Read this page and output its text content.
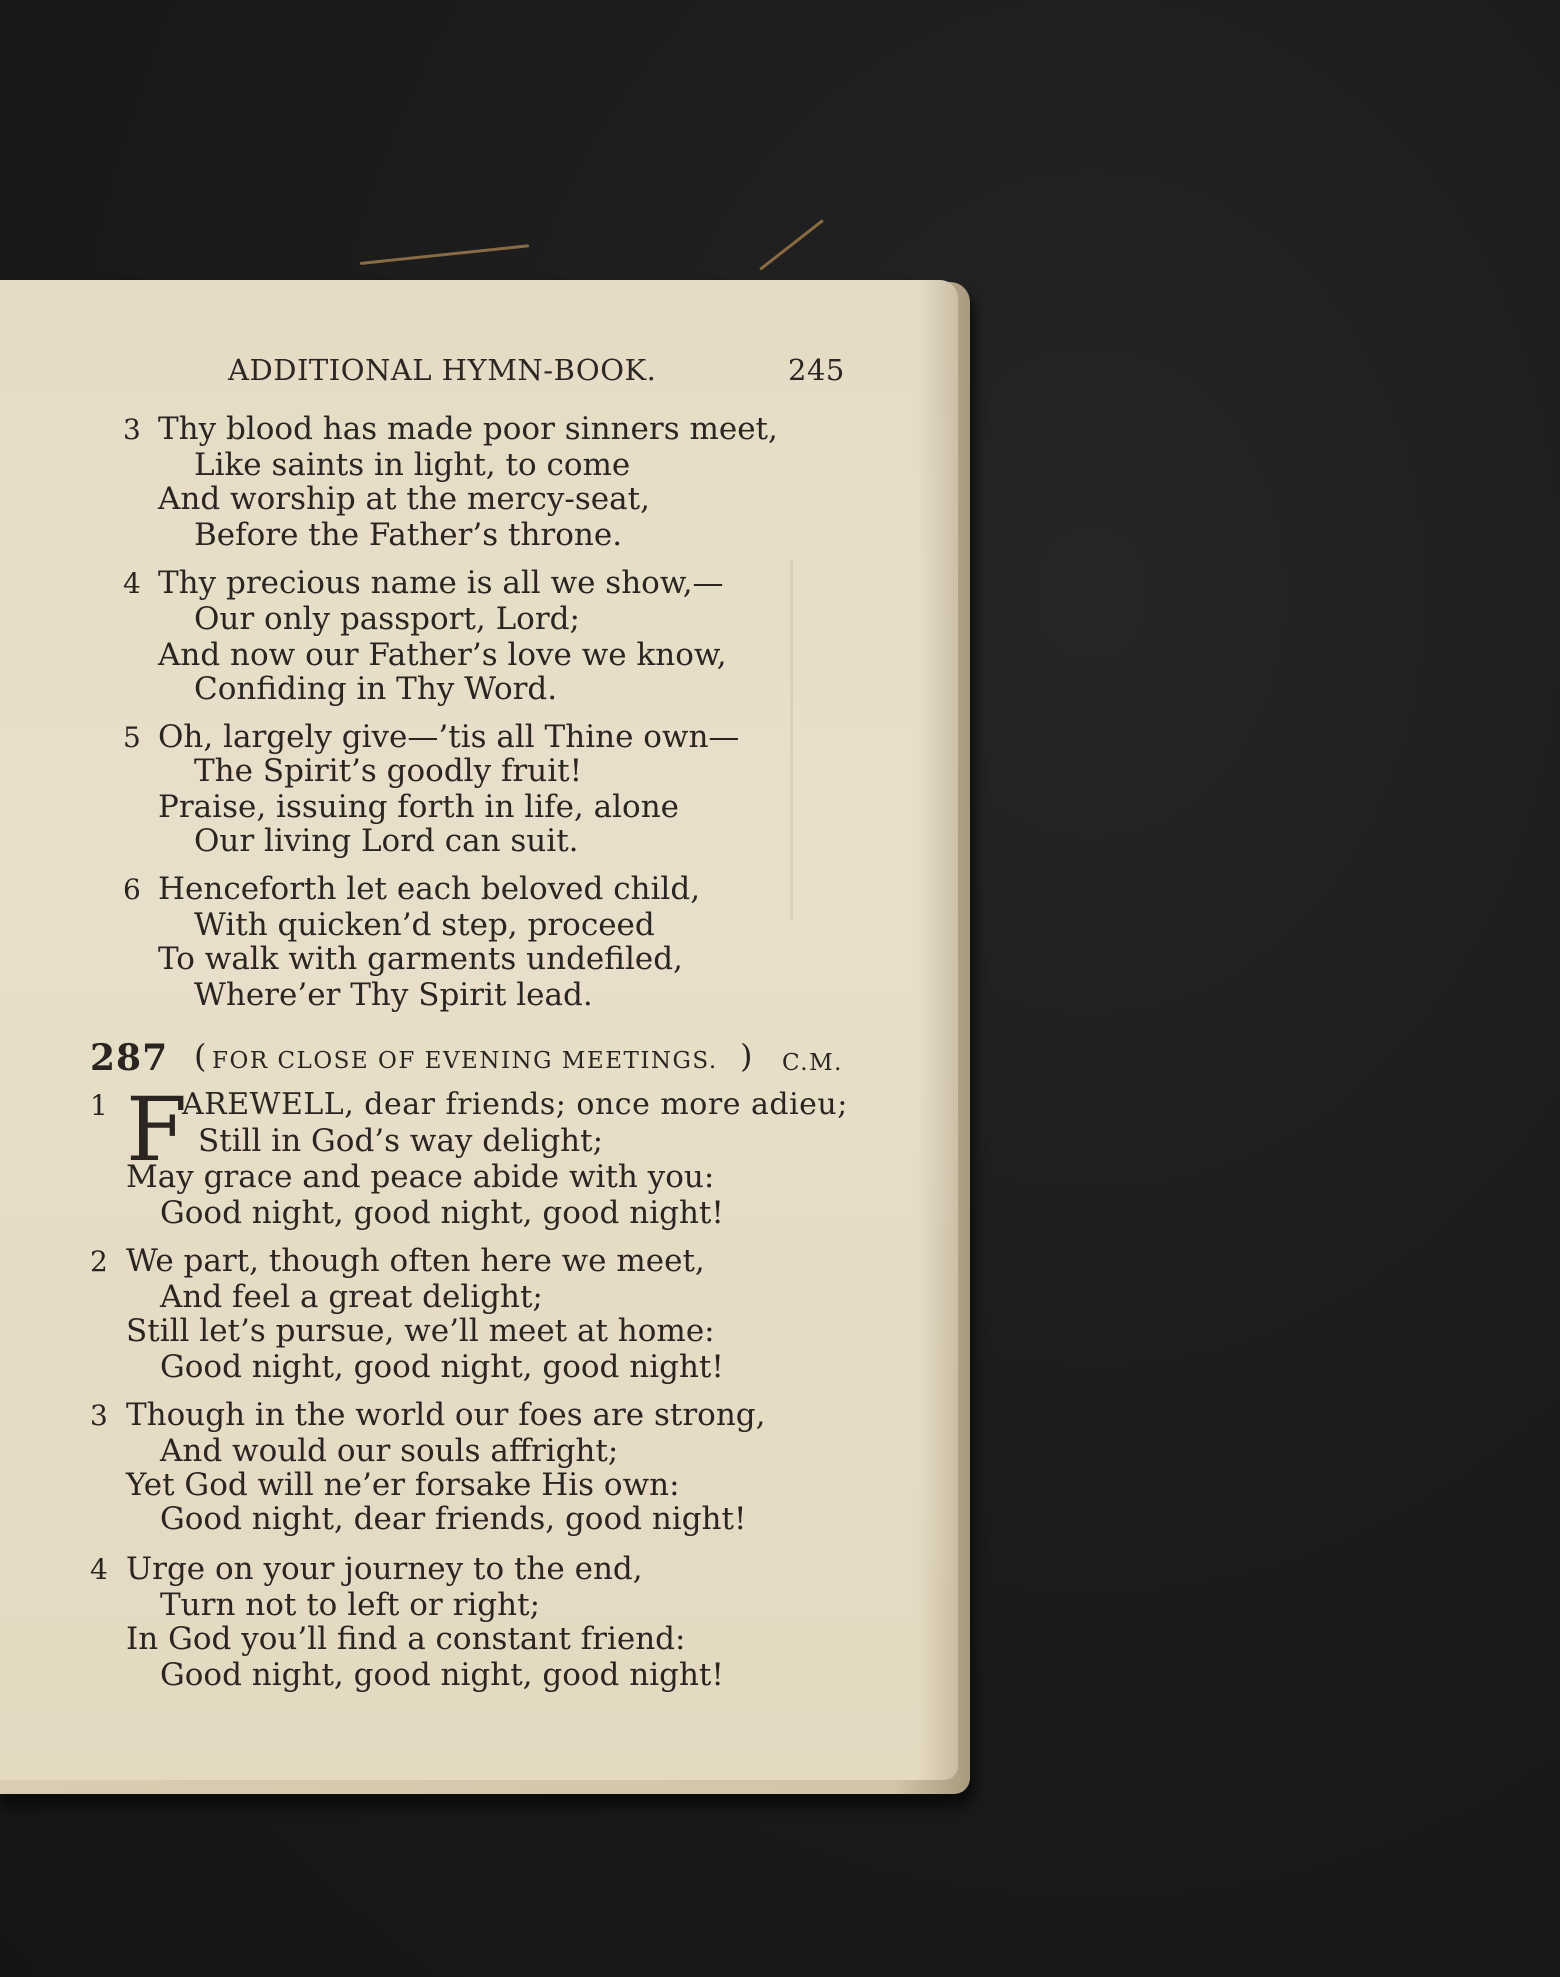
ADDITIONAL HYMN-BOOK.	245
3 Thy blood has made poor sinners meet,
Like saints in light, to come
And worship at the mercy-seat,
Before the Father’s throne.
4 Thy precious name is all we show,—
Our only passport, Lord;
And now our Father’s love we know,
Confiding in Thy Word.
5 Oh, largely give—’tis all Thine own—
The Spirit’s goodly fruit!
Praise, issuing forth in life, alone
Our living Lord can suit.
6 Henceforth let each beloved child,
With quicken’d step, proceed
To walk with garments undefiled,
Where’er Thy Spirit lead.
287 ( FOR CLOSE OF EVENING MEETINGS. ) C.M.
1 F
AREWELL, dear friends; once more adieu;
Still in God’s way delight;
May grace and peace abide with you:
Good night, good night, good night!
2 We part, though often here we meet,
And feel a great delight;
Still let’s pursue, we’ll meet at home:
Good night, good night, good night!
3 Though in the world our foes are strong,
And would our souls affright;
Yet God will ne’er forsake His own:
Good night, dear friends, good night!
4 Urge on your journey to the end,
Turn not to left or right;
In God you’ll find a constant friend:
Good night, good night, good night!
